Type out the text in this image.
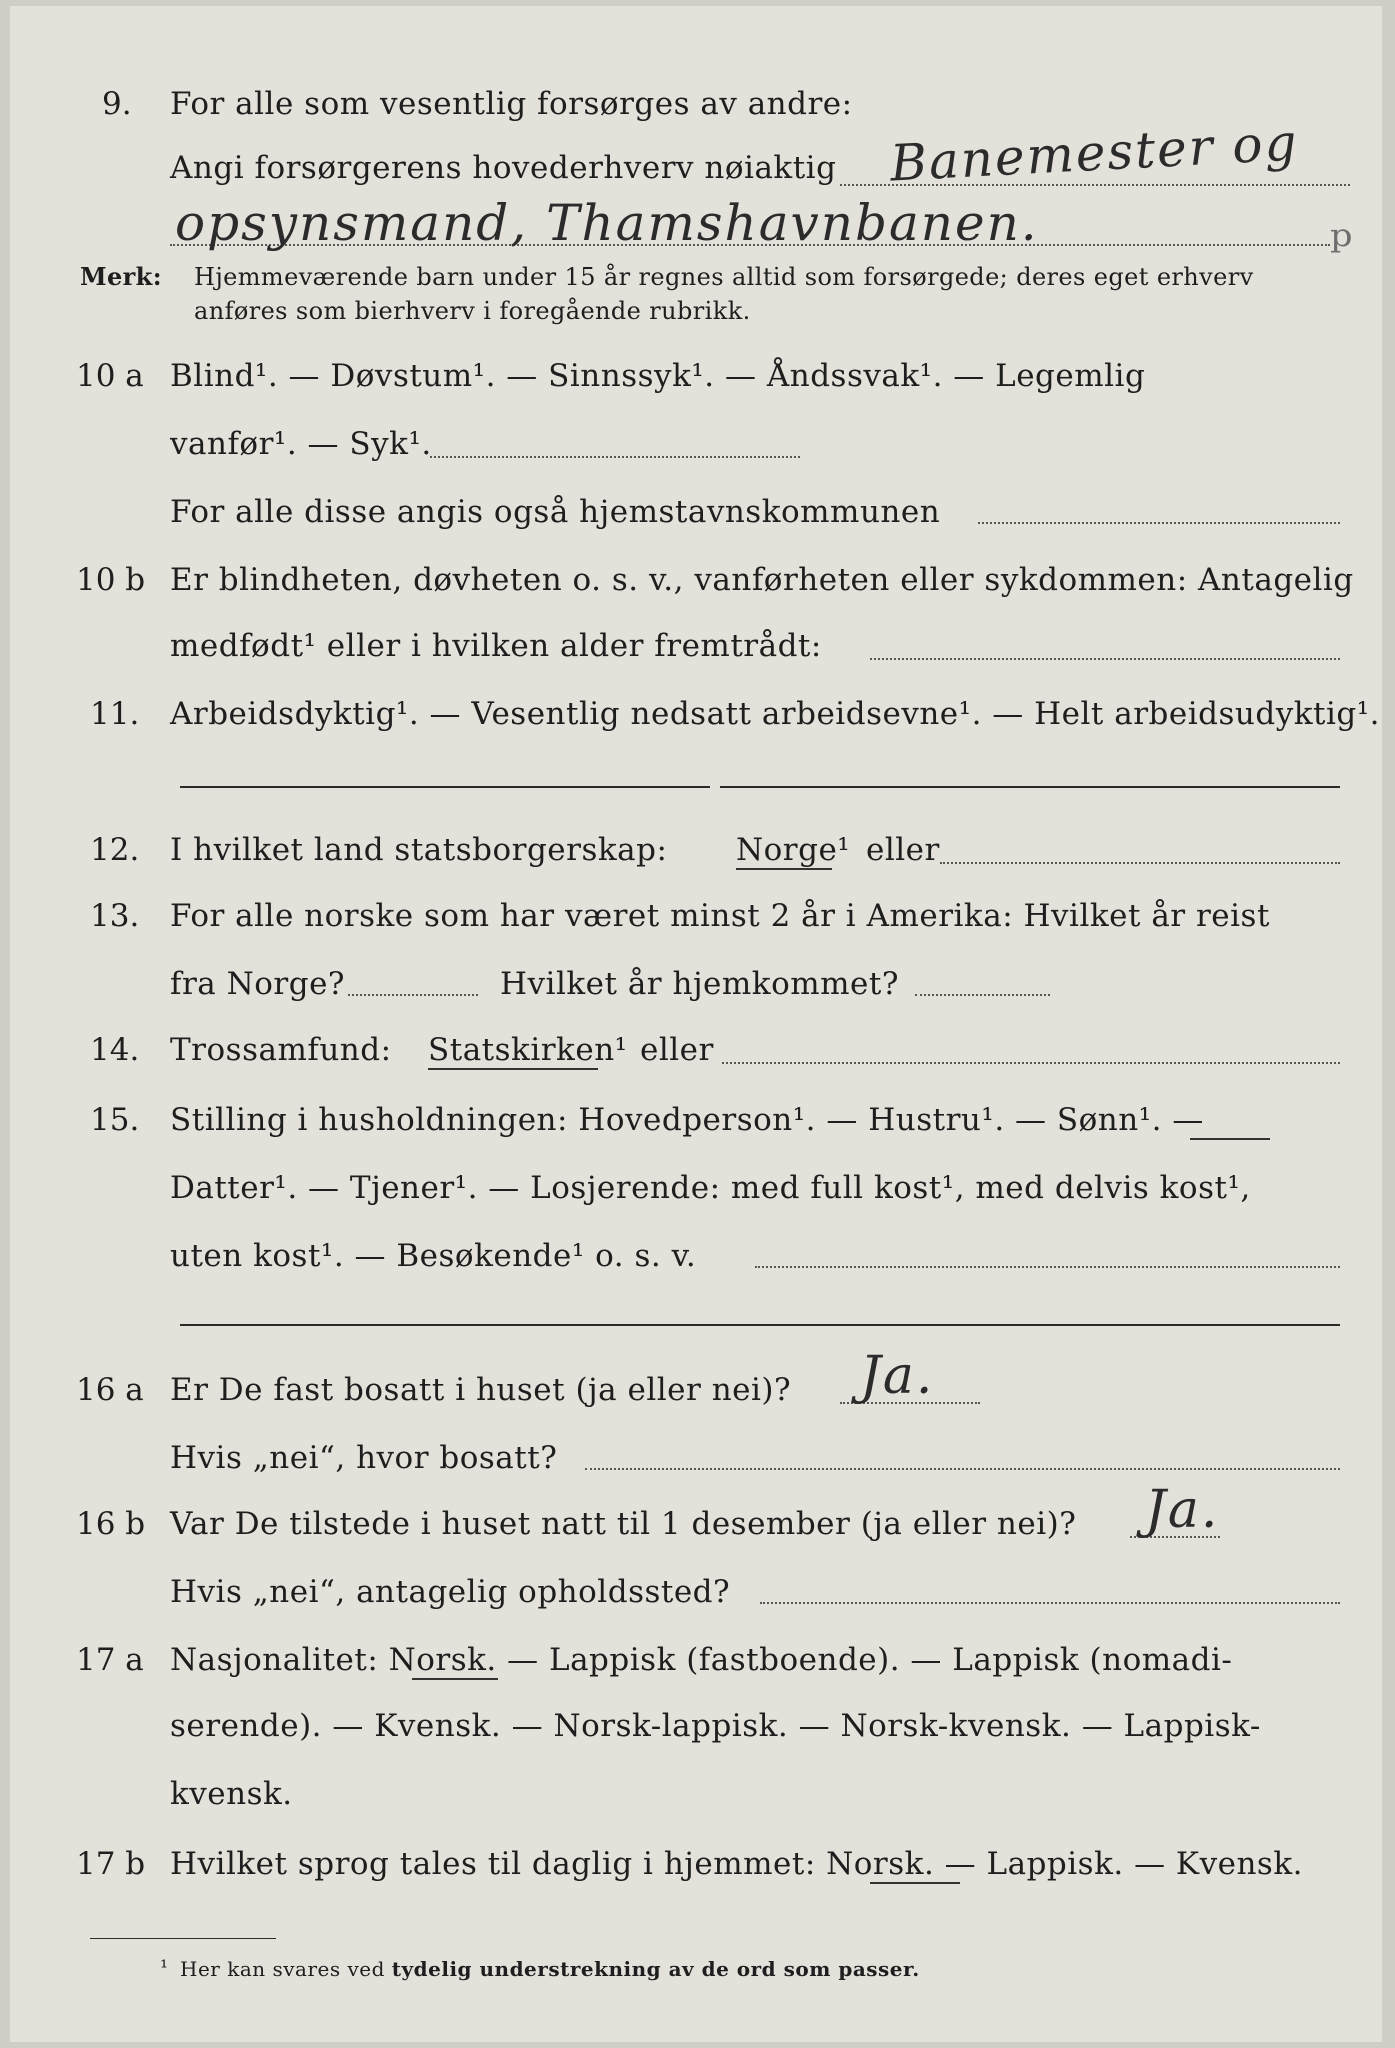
9. For alle som vesentlig forsørges av andre:
Angi forsørgerens hovederhverv nøiaktig Banemester og
opsynsmand, Thamshavnbanen.	ᵖ
Merk: Hjemmeværende barn under 15 år regnes alltid som forsørgede; deres eget erhverv
anføres som bierhverv i foregående rubrikk.
10 a Blind¹. — Døvstum¹. — Sinnssyk¹. — Åndssvak¹. — Legemlig
vanfør¹. — Syk¹.
For alle disse angis også hjemstavnskommunen
10 b Er blindheten, døvheten o. s. v., vanførheten eller sykdommen: Antagelig
medfødt¹ eller i hvilken alder fremtrådt:
11. Arbeidsdyktig¹. — Vesentlig nedsatt arbeidsevne¹. — Helt arbeidsudyktig¹.
12. I hvilket land statsborgerskap: Norge¹ eller
13. For alle norske som har været minst 2 år i Amerika: Hvilket år reist
fra Norge?	Hvilket år hjemkommet?
14. Trossamfund: Statskirken¹ eller
15. Stilling i husholdningen: Hovedperson¹. — Hustru¹. — Sønn¹. —
Datter¹. — Tjener¹. — Losjerende: med full kost¹, med delvis kost¹,
uten kost¹. — Besøkende¹ o. s. v.
16 a Er De fast bosatt i huset (ja eller nei)? Ja.
Hvis „nei“, hvor bosatt?
16 b Var De tilstede i huset natt til 1 desember (ja eller nei)? Ja.
Hvis „nei“, antagelig opholdssted?
17 a Nasjonalitet: Norsk. — Lappisk (fastboende). — Lappisk (nomadi-
serende). — Kvensk. — Norsk-lappisk. — Norsk-kvensk. — Lappisk-
kvensk.
17 b Hvilket sprog tales til daglig i hjemmet: Norsk. — Lappisk. — Kvensk.
¹ Her kan svares ved tydelig understrekning av de ord som passer.
